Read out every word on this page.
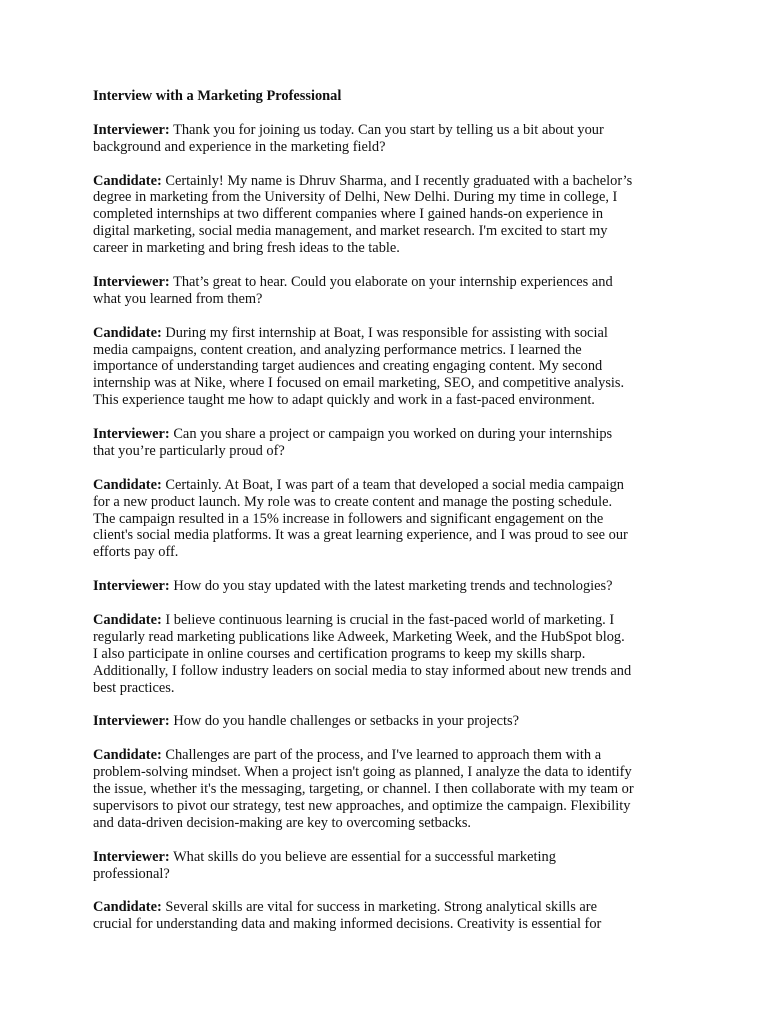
Interview with a Marketing Professional
Interviewer: Thank you for joining us today. Can you start by telling us a bit about your
background and experience in the marketing field?
Candidate: Certainly! My name is Dhruv Sharma, and I recently graduated with a bachelor’s
degree in marketing from the University of Delhi, New Delhi. During my time in college, I
completed internships at two different companies where I gained hands-on experience in
digital marketing, social media management, and market research. I'm excited to start my
career in marketing and bring fresh ideas to the table.
Interviewer: That’s great to hear. Could you elaborate on your internship experiences and
what you learned from them?
Candidate: During my first internship at Boat, I was responsible for assisting with social
media campaigns, content creation, and analyzing performance metrics. I learned the
importance of understanding target audiences and creating engaging content. My second
internship was at Nike, where I focused on email marketing, SEO, and competitive analysis.
This experience taught me how to adapt quickly and work in a fast-paced environment.
Interviewer: Can you share a project or campaign you worked on during your internships
that you’re particularly proud of?
Candidate: Certainly. At Boat, I was part of a team that developed a social media campaign
for a new product launch. My role was to create content and manage the posting schedule.
The campaign resulted in a 15% increase in followers and significant engagement on the
client's social media platforms. It was a great learning experience, and I was proud to see our
efforts pay off.
Interviewer: How do you stay updated with the latest marketing trends and technologies?
Candidate: I believe continuous learning is crucial in the fast-paced world of marketing. I
regularly read marketing publications like Adweek, Marketing Week, and the HubSpot blog.
I also participate in online courses and certification programs to keep my skills sharp.
Additionally, I follow industry leaders on social media to stay informed about new trends and
best practices.
Interviewer: How do you handle challenges or setbacks in your projects?
Candidate: Challenges are part of the process, and I've learned to approach them with a
problem-solving mindset. When a project isn't going as planned, I analyze the data to identify
the issue, whether it's the messaging, targeting, or channel. I then collaborate with my team or
supervisors to pivot our strategy, test new approaches, and optimize the campaign. Flexibility
and data-driven decision-making are key to overcoming setbacks.
Interviewer: What skills do you believe are essential for a successful marketing
professional?
Candidate: Several skills are vital for success in marketing. Strong analytical skills are
crucial for understanding data and making informed decisions. Creativity is essential for
